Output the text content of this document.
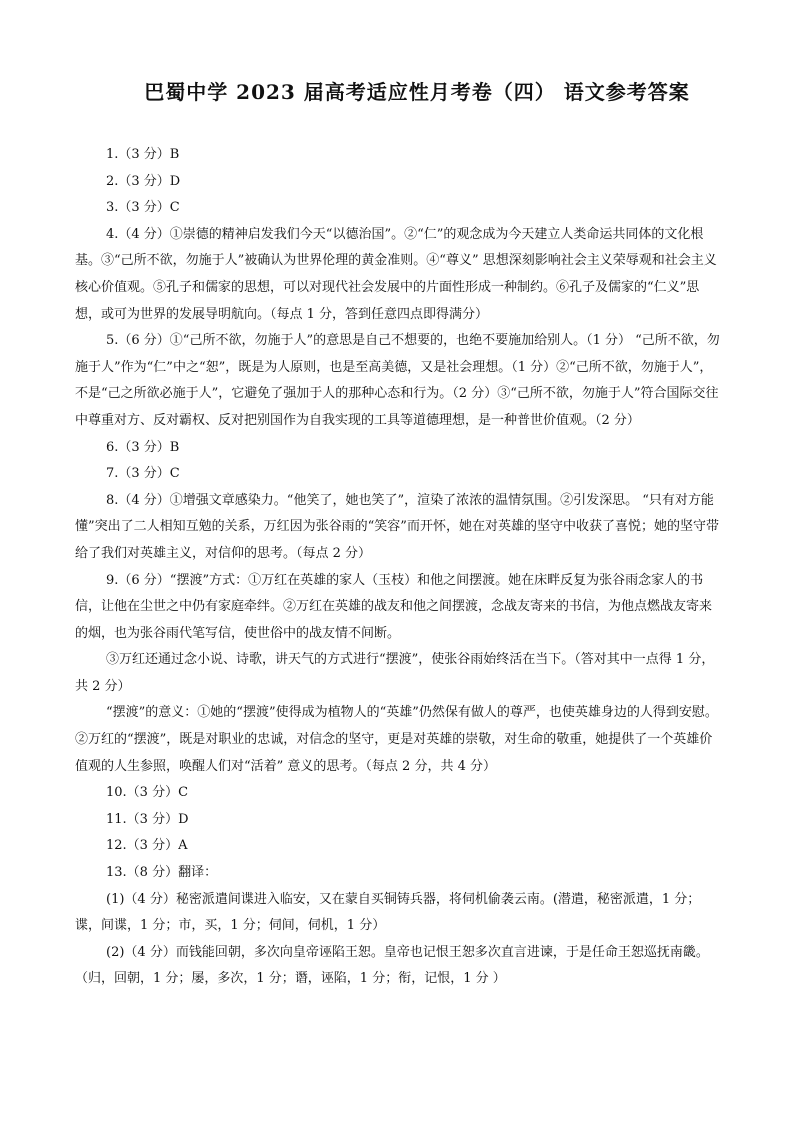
巴蜀中学 2023 届高考适应性月考卷（四） 语文参考答案

1.（3 分）B

2.（3 分）D

3.（3 分）C

4.（4 分）①崇德的精神启发我们今天“以德治国”。②“仁”的观念成为今天建立人类命运共同体的文化根基。③“己所不欲，勿施于人”被确认为世界伦理的黄金准则。④“尊义” 思想深刻影响社会主义荣辱观和社会主义核心价值观。⑤孔子和儒家的思想，可以对现代社会发展中的片面性形成一种制约。⑥孔子及儒家的“仁义”思想，或可为世界的发展导明航向。（每点 1 分，答到任意四点即得满分）

5.（6 分）①“己所不欲，勿施于人”的意思是自己不想要的，也绝不要施加给别人。（1 分） “己所不欲，勿施于人”作为“仁”中之“恕”，既是为人原则，也是至高美德，又是社会理想。（1 分）②“己所不欲，勿施于人”，不是“己之所欲必施于人”，它避免了强加于人的那种心态和行为。（2 分）③“己所不欲，勿施于人”符合国际交往中尊重对方、反对霸权、反对把别国作为自我实现的工具等道德理想，是一种普世价值观。（2 分）

6.（3 分）B

7.（3 分）C

8.（4 分）①增强文章感染力。“他笑了，她也笑了”，渲染了浓浓的温情氛围。②引发深思。 “只有对方能懂”突出了二人相知互勉的关系，万红因为张谷雨的“笑容”而开怀，她在对英雄的坚守中收获了喜悦；她的坚守带给了我们对英雄主义，对信仰的思考。（每点 2 分）

9.（6 分）“摆渡”方式：①万红在英雄的家人（玉枝）和他之间摆渡。她在床畔反复为张谷雨念家人的书信，让他在尘世之中仍有家庭牵绊。②万红在英雄的战友和他之间摆渡，念战友寄来的书信，为他点燃战友寄来的烟，也为张谷雨代笔写信，使世俗中的战友情不间断。

③万红还通过念小说、诗歌，讲天气的方式进行“摆渡”，使张谷雨始终活在当下。（答对其中一点得 1 分，共 2 分）

“摆渡”的意义：①她的“摆渡”使得成为植物人的“英雄”仍然保有做人的尊严，也使英雄身边的人得到安慰。②万红的“摆渡”，既是对职业的忠诚，对信念的坚守，更是对英雄的崇敬，对生命的敬重，她提供了一个英雄价值观的人生参照，唤醒人们对“活着” 意义的思考。（每点 2 分，共 4 分）

10.（3 分）C

11.（3 分）D

12.（3 分）A

13.（8 分）翻译：

(1)（4 分）秘密派遣间谍进入临安，又在蒙自买铜铸兵器，将伺机偷袭云南。(潜遣，秘密派遣，1 分；谍，间谍，1 分；市，买，1 分；伺间，伺机，1 分）

(2)（4 分）而钱能回朝，多次向皇帝诬陷王恕。皇帝也记恨王恕多次直言进谏，于是任命王恕巡抚南畿。（归，回朝，1 分；屡，多次，1 分；谮，诬陷，1 分；衔，记恨，1 分 ）
